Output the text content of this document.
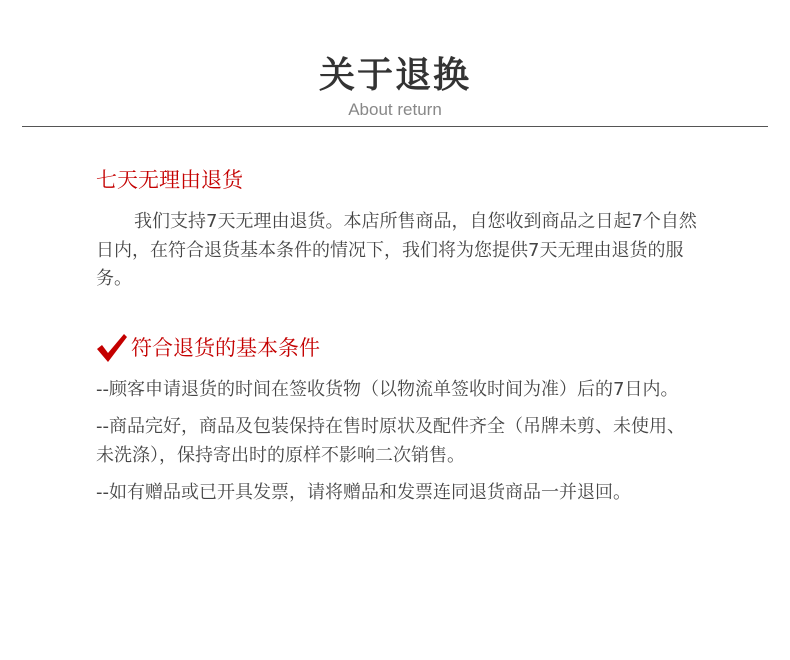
关于退换
About return
七天无理由退货

我们支持7天无理由退货。本店所售商品，自您收到商品之日起7个自然日内，在符合退货基本条件的情况下，我们将为您提供7天无理由退货的服务。

符合退货的基本条件

--顾客申请退货的时间在签收货物（以物流单签收时间为准）后的7日内。

--商品完好，商品及包装保持在售时原状及配件齐全（吊牌未剪、未使用、未洗涤），保持寄出时的原样不影响二次销售。

--如有赠品或已开具发票，请将赠品和发票连同退货商品一并退回。
